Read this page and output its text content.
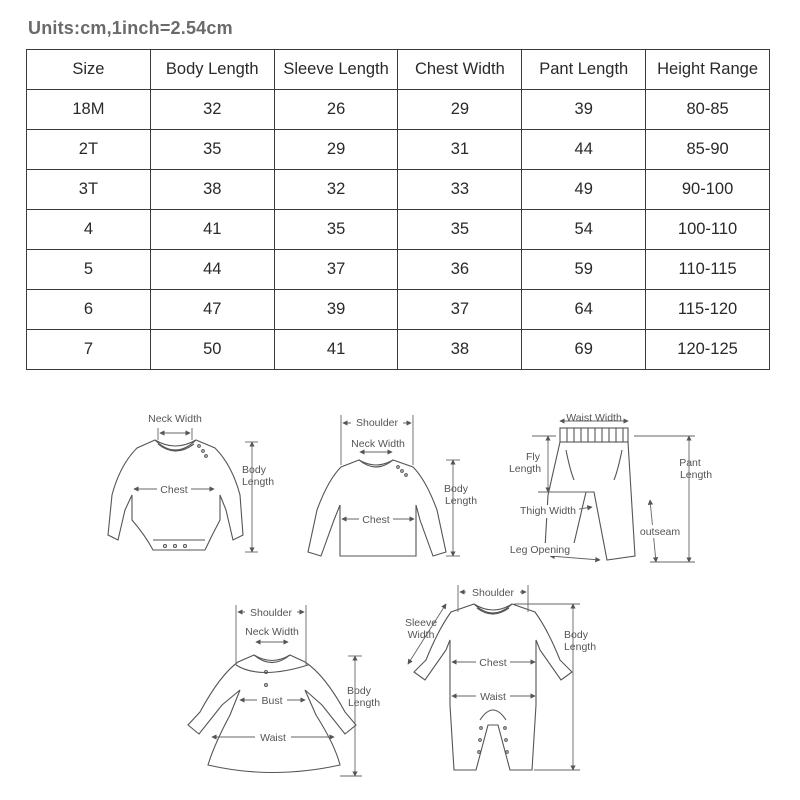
Units:cm,1inch=2.54cm
Size	Body Length	Sleeve Length	Chest Width	Pant Length	Height Range
18M	32	26	29	39	80-85
2T	35	29	31	44	85-90
3T	38	32	33	49	90-100
4	41	35	35	54	100-110
5	44	37	36	59	110-115
6	47	39	37	64	115-120
7	50	41	38	69	120-125
Neck Width
Chest
Body
Length
Shoulder
Neck Width
Chest
Body
Length
Waist Width
Fly
Length	Pant
Length
outseam
Thigh Width
Leg Opening
Shoulder
Neck Width
Bust
Waist
Body
Length
Shoulder
Sleeve
Width
Chest
Waist
Body
Length
